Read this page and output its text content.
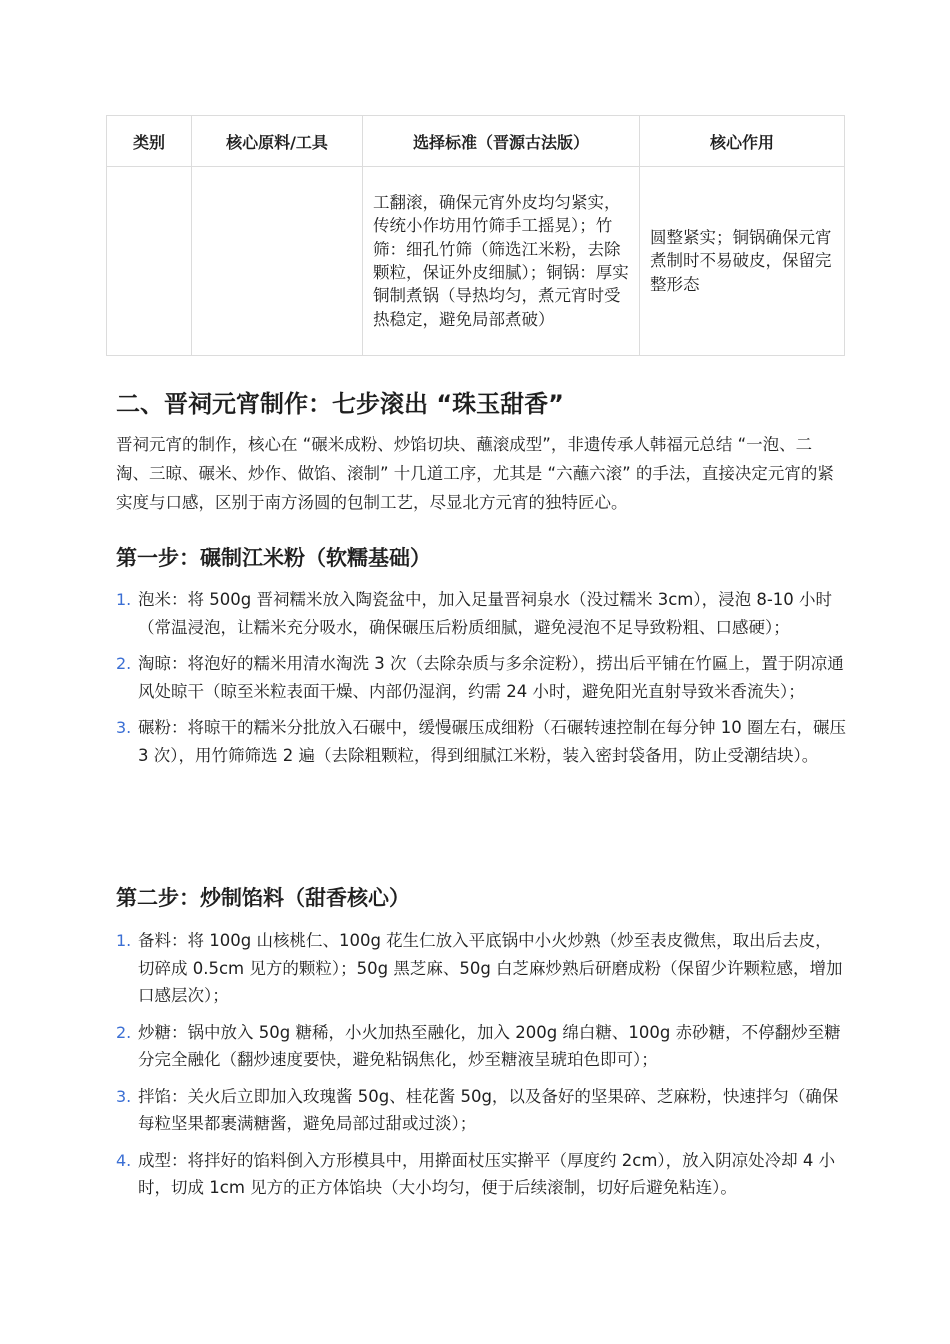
类别	核心原料/工具	选择标准（晋源古法版）	核心作用
		工翻滚，确保元宵外皮均匀紧实，传统小作坊用竹筛手工摇晃）；竹筛：细孔竹筛（筛选江米粉，去除颗粒，保证外皮细腻）；铜锅：厚实铜制煮锅（导热均匀，煮元宵时受热稳定，避免局部煮破）	圆整紧实；铜锅确保元宵煮制时不易破皮，保留完整形态
二、晋祠元宵制作：七步滚出 “珠玉甜香”

晋祠元宵的制作，核心在 “碾米成粉、炒馅切块、蘸滚成型”，非遗传承人韩福元总结 “一泡、二淘、三晾、碾米、炒作、做馅、滚制” 十几道工序，尤其是 “六蘸六滚” 的手法，直接决定元宵的紧实度与口感，区别于南方汤圆的包制工艺，尽显北方元宵的独特匠心。

第一步：碾制江米粉（软糯基础）
1. 泡米：将 500g 晋祠糯米放入陶瓷盆中，加入足量晋祠泉水（没过糯米 3cm），浸泡 8-10 小时（常温浸泡，让糯米充分吸水，确保碾压后粉质细腻，避免浸泡不足导致粉粗、口感硬）；
2. 淘晾：将泡好的糯米用清水淘洗 3 次（去除杂质与多余淀粉），捞出后平铺在竹匾上，置于阴凉通风处晾干（晾至米粒表面干燥、内部仍湿润，约需 24 小时，避免阳光直射导致米香流失）；
3. 碾粉：将晾干的糯米分批放入石碾中，缓慢碾压成细粉（石碾转速控制在每分钟 10 圈左右，碾压 3 次），用竹筛筛选 2 遍（去除粗颗粒，得到细腻江米粉，装入密封袋备用，防止受潮结块）。
第二步：炒制馅料（甜香核心）
1. 备料：将 100g 山核桃仁、100g 花生仁放入平底锅中小火炒熟（炒至表皮微焦，取出后去皮，切碎成 0.5cm 见方的颗粒）；50g 黑芝麻、50g 白芝麻炒熟后研磨成粉（保留少许颗粒感，增加口感层次）；
2. 炒糖：锅中放入 50g 糖稀，小火加热至融化，加入 200g 绵白糖、100g 赤砂糖，不停翻炒至糖分完全融化（翻炒速度要快，避免粘锅焦化，炒至糖液呈琥珀色即可）；
3. 拌馅：关火后立即加入玫瑰酱 50g、桂花酱 50g，以及备好的坚果碎、芝麻粉，快速拌匀（确保每粒坚果都裹满糖酱，避免局部过甜或过淡）；
4. 成型：将拌好的馅料倒入方形模具中，用擀面杖压实擀平（厚度约 2cm），放入阴凉处冷却 4 小时，切成 1cm 见方的正方体馅块（大小均匀，便于后续滚制，切好后避免粘连）。
